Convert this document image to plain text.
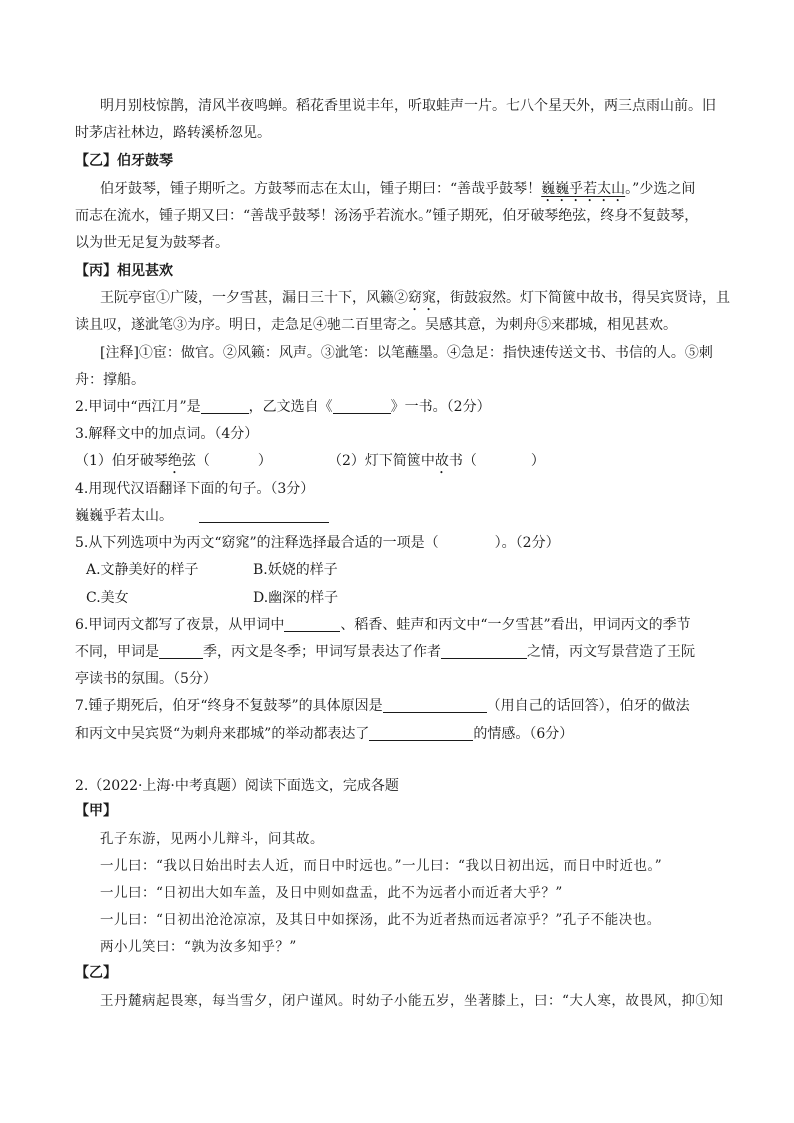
明月别枝惊鹊，清风半夜鸣蝉。稻花香里说丰年，听取蛙声一片。七八个星天外，两三点雨山前。旧
时茅店社林边，路转溪桥忽见。
【乙】伯牙鼓琴
伯牙鼓琴，锺子期听之。方鼓琴而志在太山，锺子期曰：“善哉乎鼓琴！巍巍乎若太山。”少选之间
而志在流水，锺子期又曰：“善哉乎鼓琴！汤汤乎若流水。”锺子期死，伯牙破琴绝弦，终身不复鼓琴，
以为世无足复为鼓琴者。
【丙】相见甚欢
王阮亭宦①广陵，一夕雪甚，漏日三十下，风籁②窈窕，街鼓寂然。灯下简篋中故书，得吴宾贤诗，且
读且叹，遂泚笔③为序。明日，走急足④驰二百里寄之。吴感其意，为刺舟⑤来郡城，相见甚欢。
[注释]①宦：做官。②风籁：风声。③泚笔：以笔蘸墨。④急足：指快速传送文书、书信的人。⑤刺
舟：撑船。
2.甲词中“西江月”是	，乙文选自《	》一书。（2分）
3.解释文中的加点词。（4分）
（1）伯牙破琴绝弦（	）	（2）灯下简篋中故书（	）
4.用现代汉语翻译下面的句子。（3分）
巍巍乎若太山。
5.从下列选项中为丙文“窈窕”的注释选择最合适的一项是（	）。（2分）
A.文静美好的样子	B.妖娆的样子
C.美女	D.幽深的样子
6.甲词丙文都写了夜景，从甲词中	、稻香、蛙声和丙文中“一夕雪甚”看出，甲词丙文的季节
不同，甲词是	季，丙文是冬季；甲词写景表达了作者	之情，丙文写景营造了王阮
亭读书的氛围。（5分）
7.锺子期死后，伯牙“终身不复鼓琴”的具体原因是	（用自己的话回答），伯牙的做法
和丙文中吴宾贤“为刺舟来郡城”的举动都表达了	的情感。（6分）
2.（2022·上海·中考真题）阅读下面选文，完成各题
【甲】
孔子东游，见两小儿辩斗，问其故。
一儿曰：“我以日始出时去人近，而日中时远也。”一儿曰：“我以日初出远，而日中时近也。”
一儿曰：“日初出大如车盖，及日中则如盘盂，此不为远者小而近者大乎？”
一儿曰：“日初出沧沧凉凉，及其日中如探汤，此不为近者热而远者凉乎？”孔子不能决也。
两小儿笑曰：“孰为汝多知乎？”
【乙】
王丹麓病起畏寒，每当雪夕，闭户谨风。时幼子小能五岁，坐著膝上，曰：“大人寒，故畏风，抑①知
